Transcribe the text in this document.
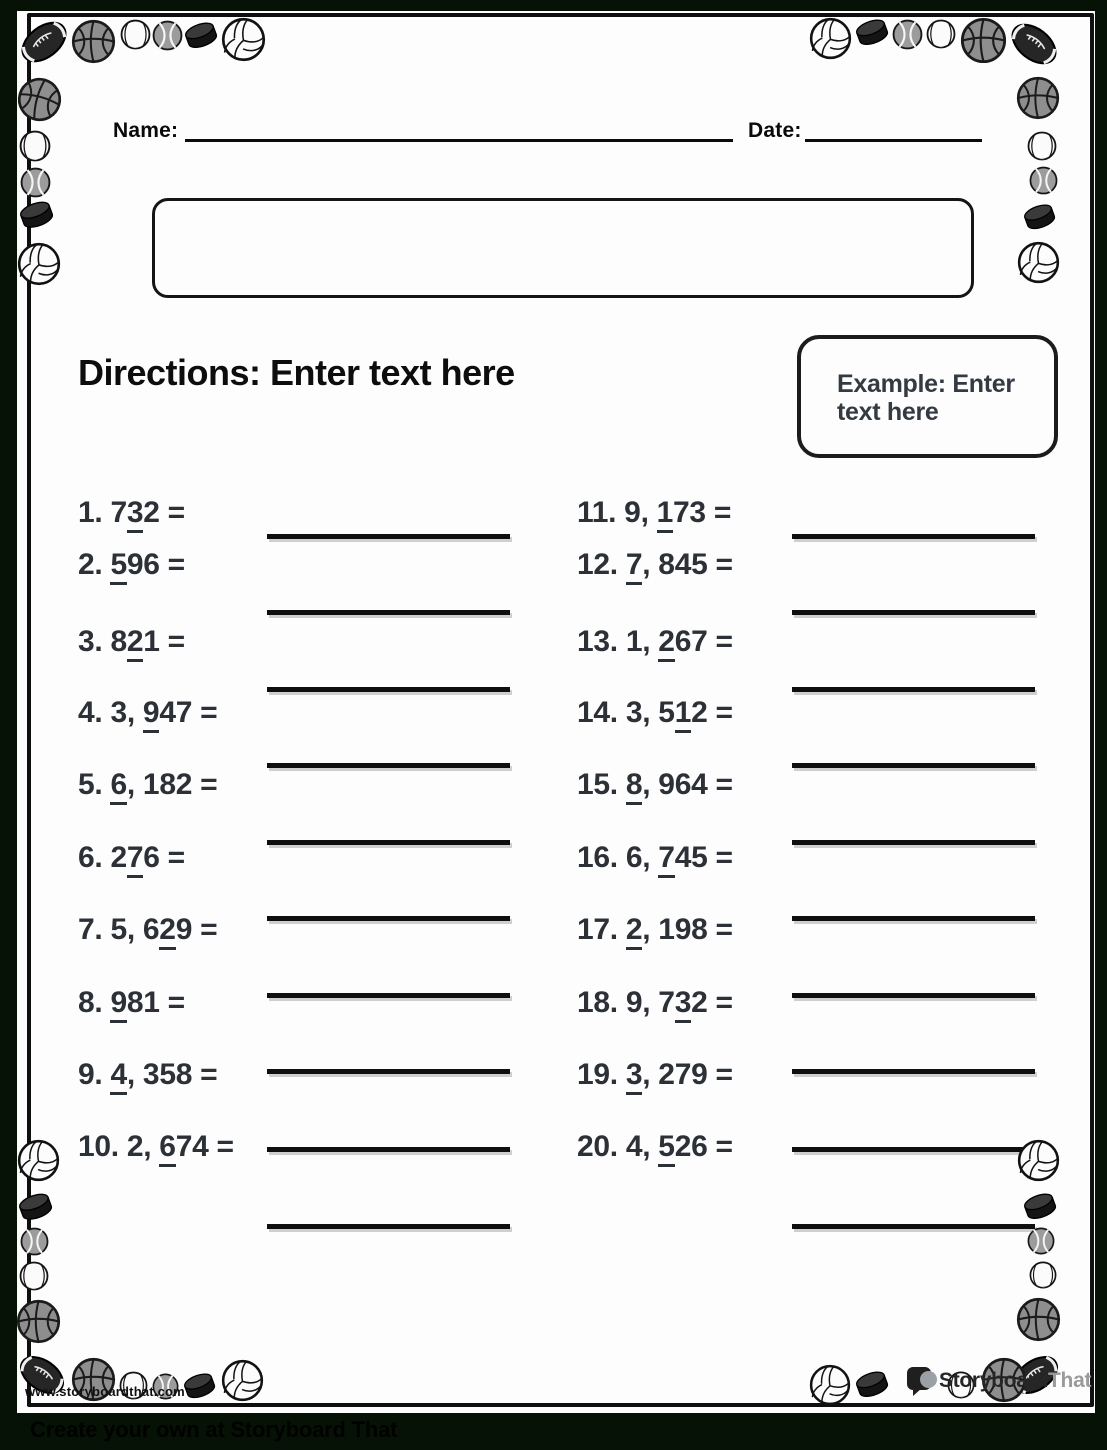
Name:	Date:
Directions: Enter text here	Example: Enter text here
1. 732 =
2. 596 =
3. 821 =
4. 3, 947 =
5. 6, 182 =
6. 276 =
7. 5, 629 =
8. 981 =
9. 4, 358 =
10. 2, 674 =
11. 9, 173 =
12. 7, 845 =
13. 1, 267 =
14. 3, 512 =
15. 8, 964 =
16. 6, 745 =
17. 2, 198 =
18. 9, 732 =
19. 3, 279 =
20. 4, 526 =
www.storyboardthat.com	StoryboardThat
Create your own at Storyboard That
